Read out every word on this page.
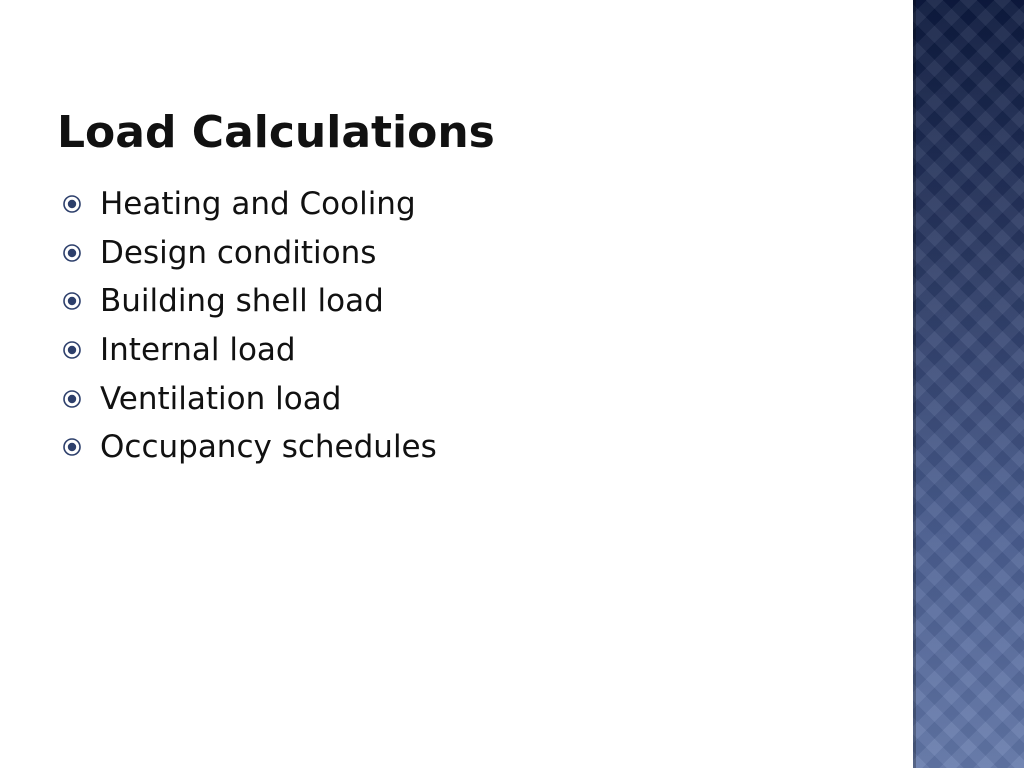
Load Calculations
Heating and Cooling
Design conditions
Building shell load
Internal load
Ventilation load
Occupancy schedules
